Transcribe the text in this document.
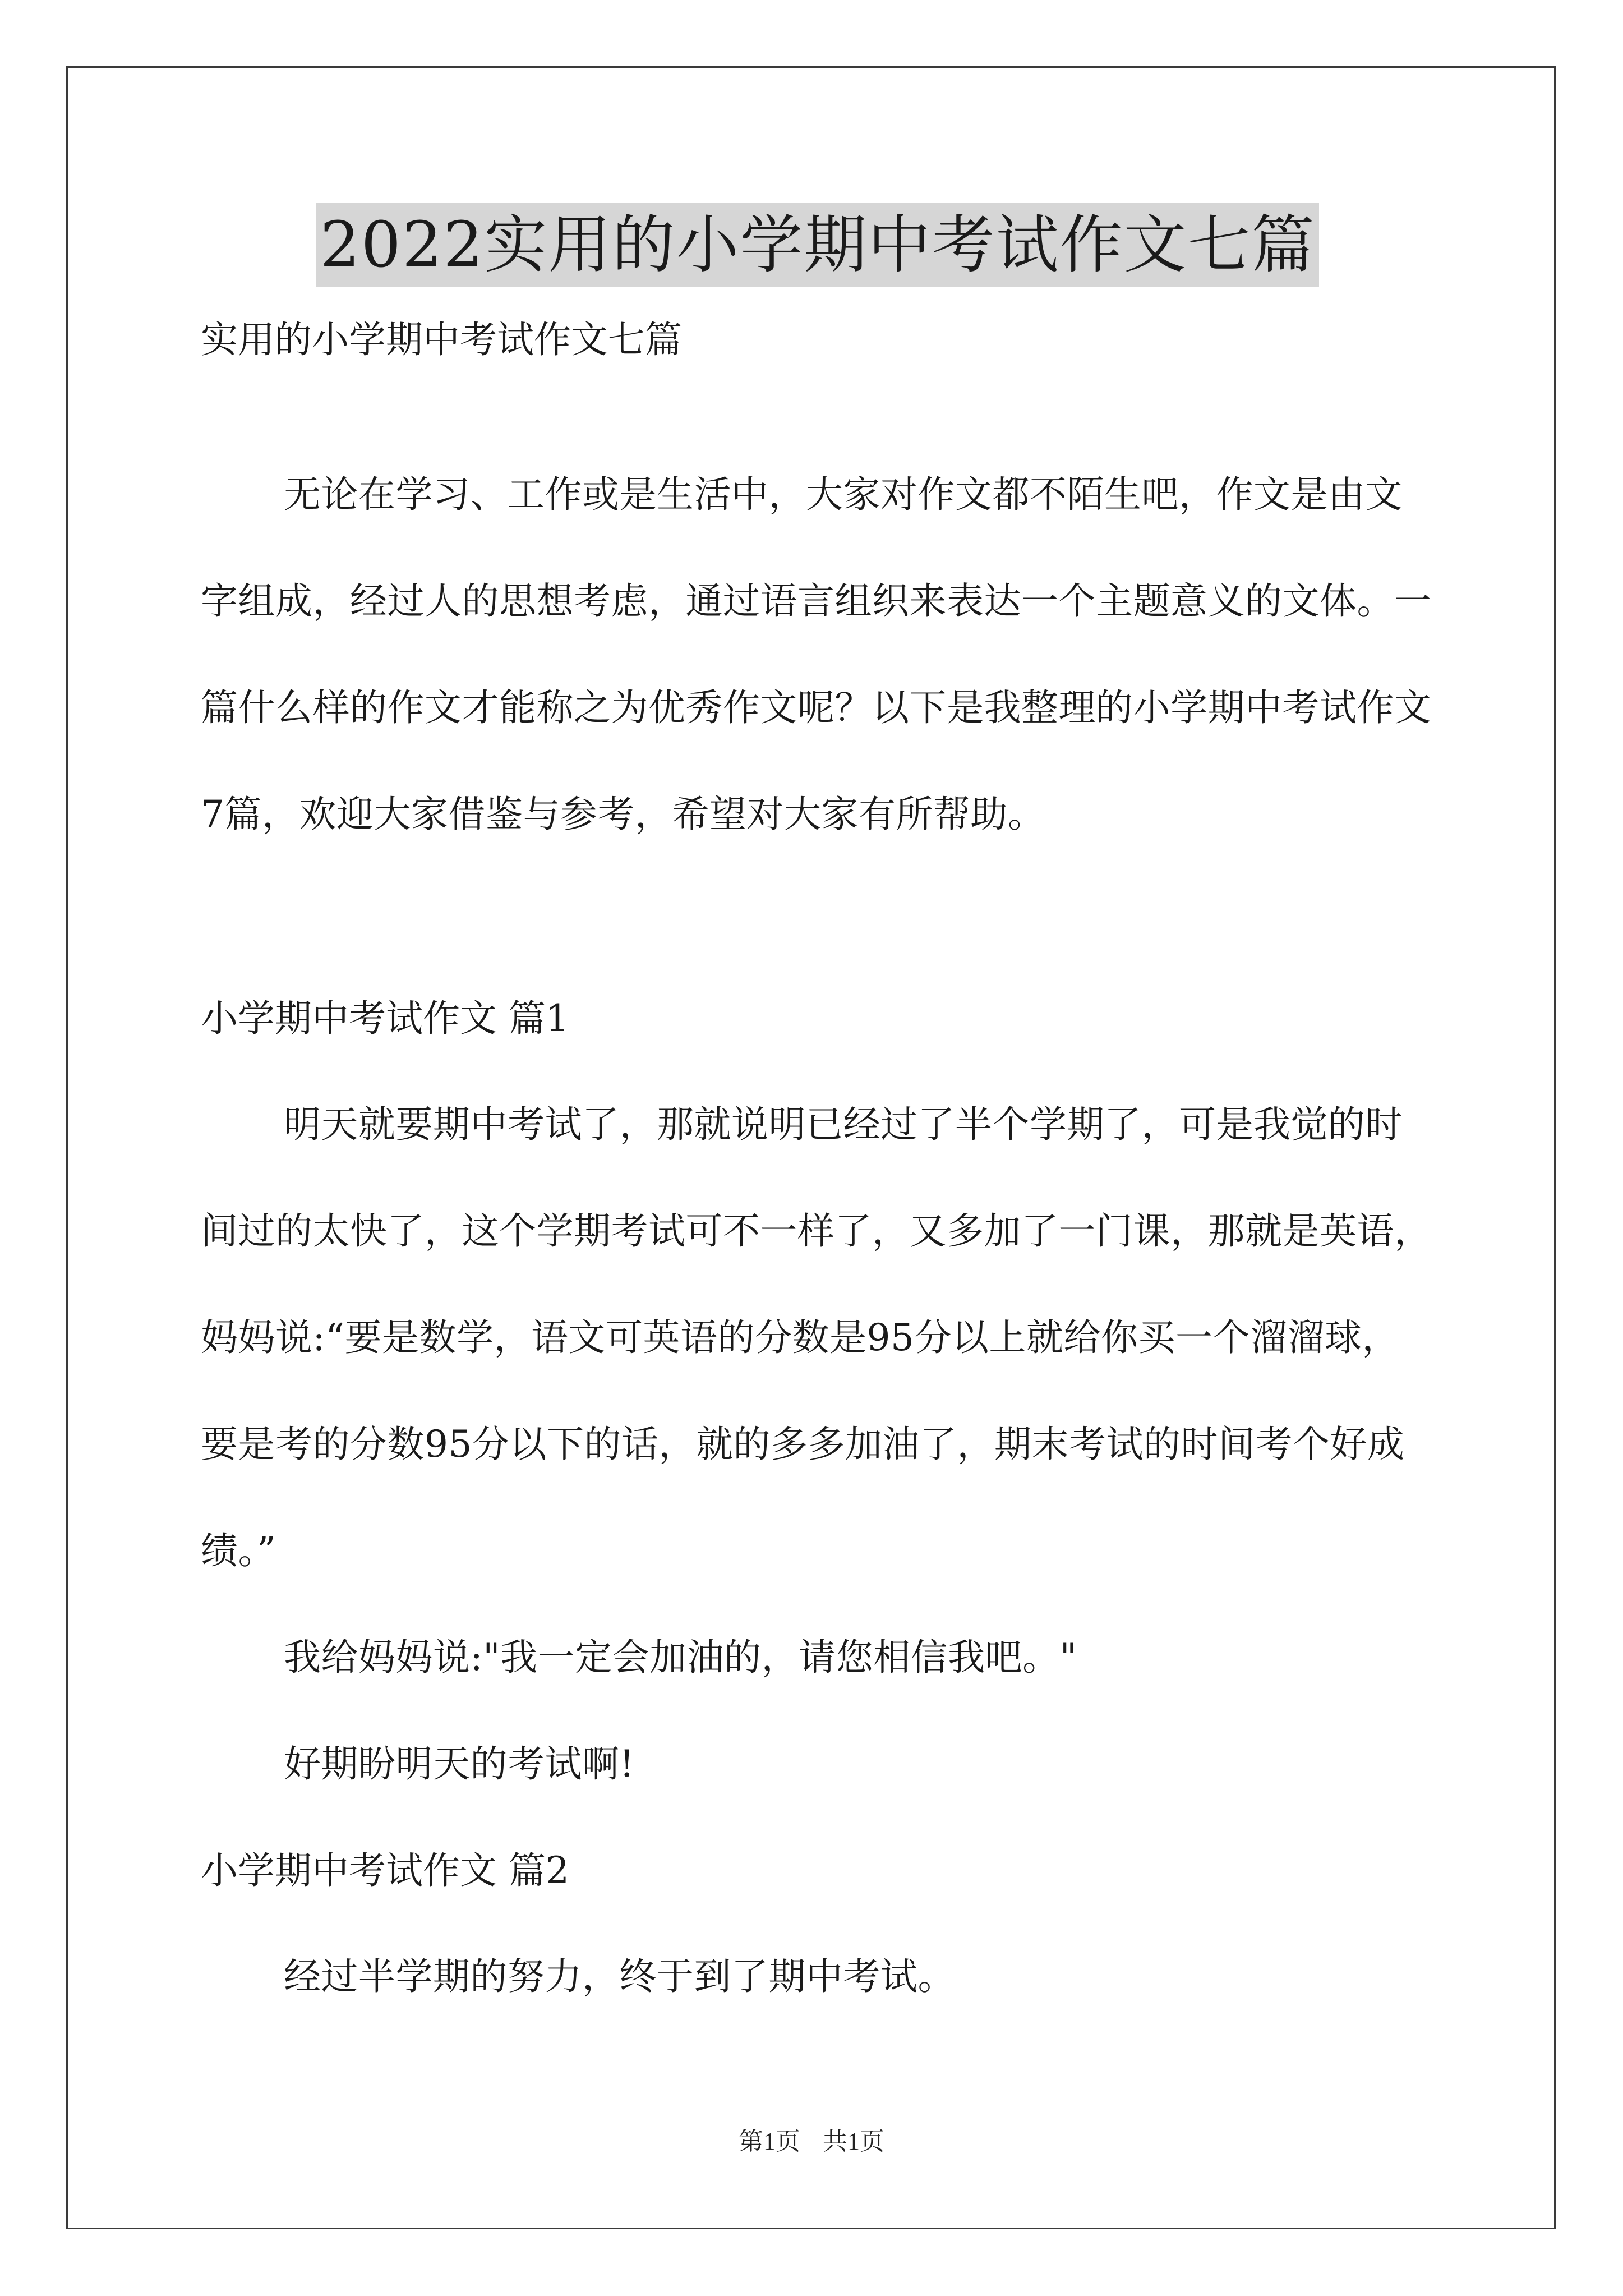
2022实用的小学期中考试作文七篇
实用的小学期中考试作文七篇

无论在学习、工作或是生活中，大家对作文都不陌生吧，作文是由文字组成，经过人的思想考虑，通过语言组织来表达一个主题意义的文体。一篇什么样的作文才能称之为优秀作文呢？以下是我整理的小学期中考试作文7篇，欢迎大家借鉴与参考，希望对大家有所帮助。

小学期中考试作文 篇1

明天就要期中考试了，那就说明已经过了半个学期了，可是我觉的时间过的太快了，这个学期考试可不一样了，又多加了一门课，那就是英语，妈妈说:“要是数学，语文可英语的分数是95分以上就给你买一个溜溜球，要是考的分数95分以下的话，就的多多加油了，期末考试的时间考个好成绩。”

我给妈妈说:"我一定会加油的，请您相信我吧。"

好期盼明天的考试啊!

小学期中考试作文 篇2

经过半学期的努力，终于到了期中考试。

第1页 共1页
